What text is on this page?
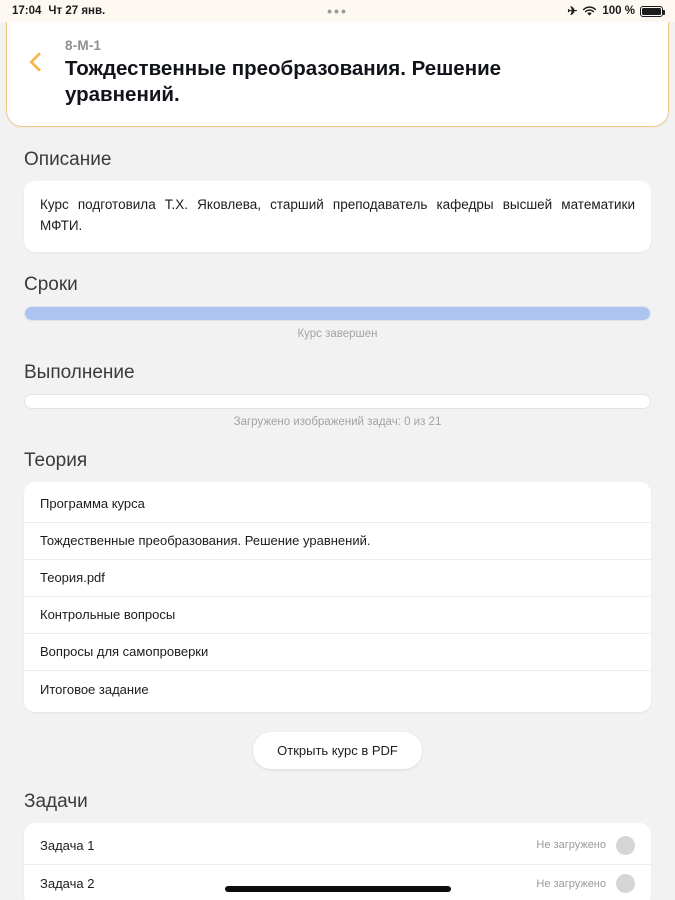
17:04 Чт 27 янв.	•••	✈ 100 %
8-М-1
Тождественные преобразования. Решение уравнений.
Описание
Курс подготовила Т.Х. Яковлева, старший преподаватель кафедры высшей математики МФТИ.
Сроки
Курс завершен
Выполнение
Загружено изображений задач: 0 из 21
Теория
Программа курса
Тождественные преобразования. Решение уравнений.
Теория.pdf
Контрольные вопросы
Вопросы для самопроверки
Итоговое задание
Открыть курс в PDF
Задачи
Задача 1	Не загружено
Задача 2	Не загружено
